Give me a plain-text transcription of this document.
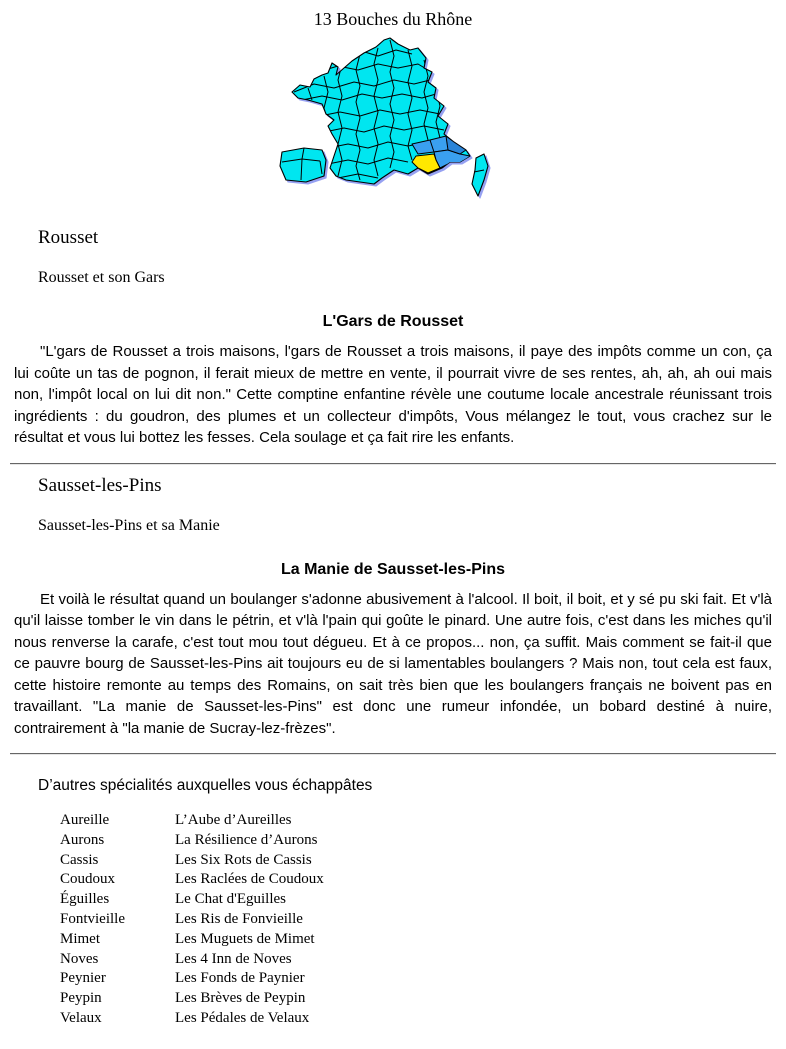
13 Bouches du Rhône
Rousset

Rousset et son Gars

L'Gars de Rousset

"L'gars de Rousset a trois maisons, l'gars de Rousset a trois maisons, il paye des impôts comme un con, ça lui coûte un tas de pognon, il ferait mieux de mettre en vente, il pourrait vivre de ses rentes, ah, ah, ah oui mais non, l'impôt local on lui dit non." Cette comptine enfantine révèle une coutume locale ancestrale réunissant trois ingrédients : du goudron, des plumes et un collecteur d'impôts, Vous mélangez le tout, vous crachez sur le résultat et vous lui bottez les fesses. Cela soulage et ça fait rire les enfants.

Sausset-les-Pins

Sausset-les-Pins et sa Manie

La Manie de Sausset-les-Pins

Et voilà le résultat quand un boulanger s'adonne abusivement à l'alcool. Il boit, il boit, et y sé pu ski fait. Et v'là qu'il laisse tomber le vin dans le pétrin, et v'là l'pain qui goûte le pinard. Une autre fois, c'est dans les miches qu'il nous renverse la carafe, c'est tout mou tout dégueu. Et à ce propos... non, ça suffit. Mais comment se fait-il que ce pauvre bourg de Sausset-les-Pins ait toujours eu de si lamentables boulangers ? Mais non, tout cela est faux, cette histoire remonte au temps des Romains, on sait très bien que les boulangers français ne boivent pas en travaillant. "La manie de Sausset-les-Pins" est donc une rumeur infondée, un bobard destiné à nuire, contrairement à "la manie de Sucray-lez-frèzes".

D’autres spécialités auxquelles vous échappâtes

Aureille	L’Aube d’Aureilles
Aurons	La Résilience d’Aurons
Cassis	Les Six Rots de Cassis
Coudoux	Les Raclées de Coudoux
Éguilles	Le Chat d'Eguilles
Fontvieille	Les Ris de Fonvieille
Mimet	Les Muguets de Mimet
Noves	Les 4 Inn de Noves
Peynier	Les Fonds de Paynier
Peypin	Les Brèves de Peypin
Velaux	Les Pédales de Velaux
